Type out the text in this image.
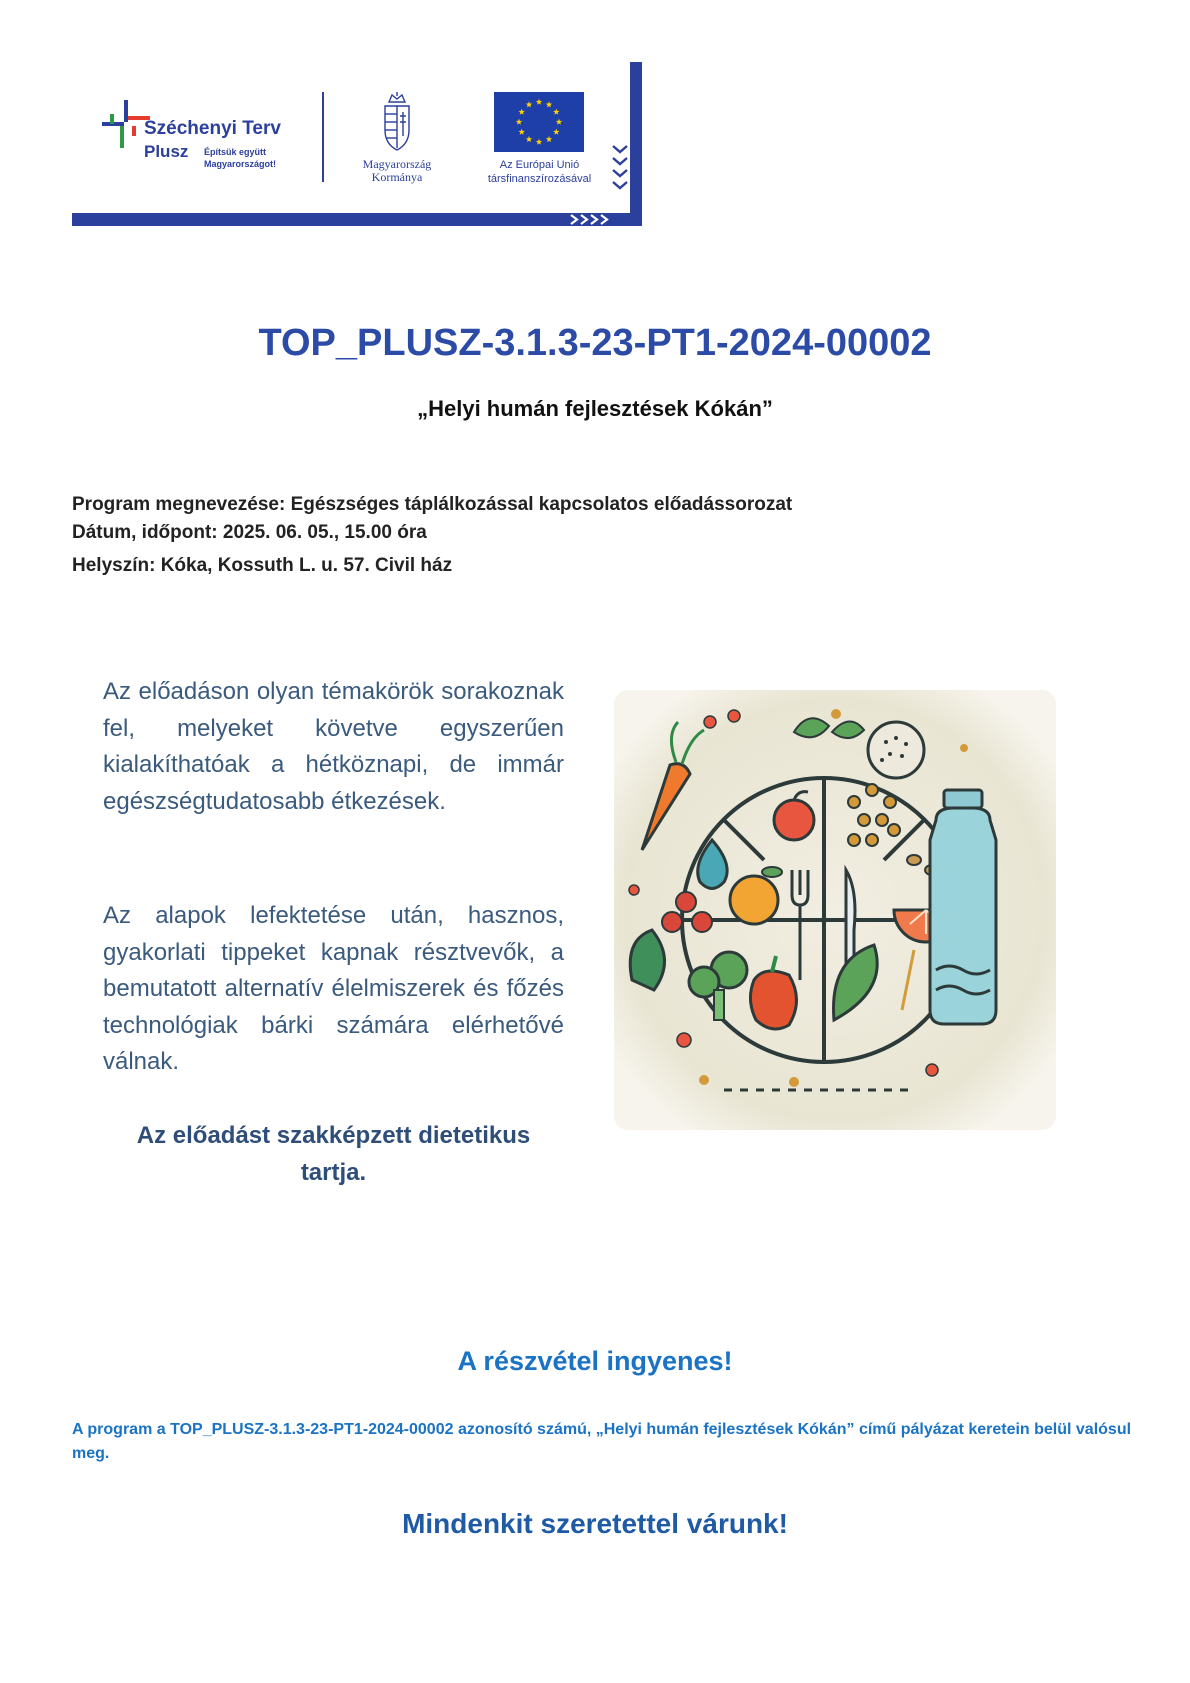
Széchenyi Terv
Plusz Építsük együtt Magyarországot!	Magyarország
Kormánya
Az Európai Unió
társfinanszírozásával
TOP_PLUSZ-3.1.3-23-PT1-2024-00002
„Helyi humán fejlesztések Kókán”
Program megnevezése: Egészséges táplálkozással kapcsolatos előadássorozat
Dátum, időpont: 2025. 06. 05., 15.00 óra
Helyszín: Kóka, Kossuth L. u. 57. Civil ház
Az előadáson olyan témakörök sorakoznak fel, melyeket követve egyszerűen kialakíthatóak a hétköznapi, de immár egészségtudatosabb étkezések.
Az alapok lefektetése után, hasznos, gyakorlati tippeket kapnak résztvevők, a bemutatott alternatív élelmiszerek és főzés technológiak bárki számára elérhetővé válnak.
Az előadást szakképzett dietetikus tartja.
A részvétel ingyenes!
A program a TOP_PLUSZ-3.1.3-23-PT1-2024-00002 azonosító számú, „Helyi humán fejlesztések Kókán” című pályázat keretein belül valósul meg.
Mindenkit szeretettel várunk!
